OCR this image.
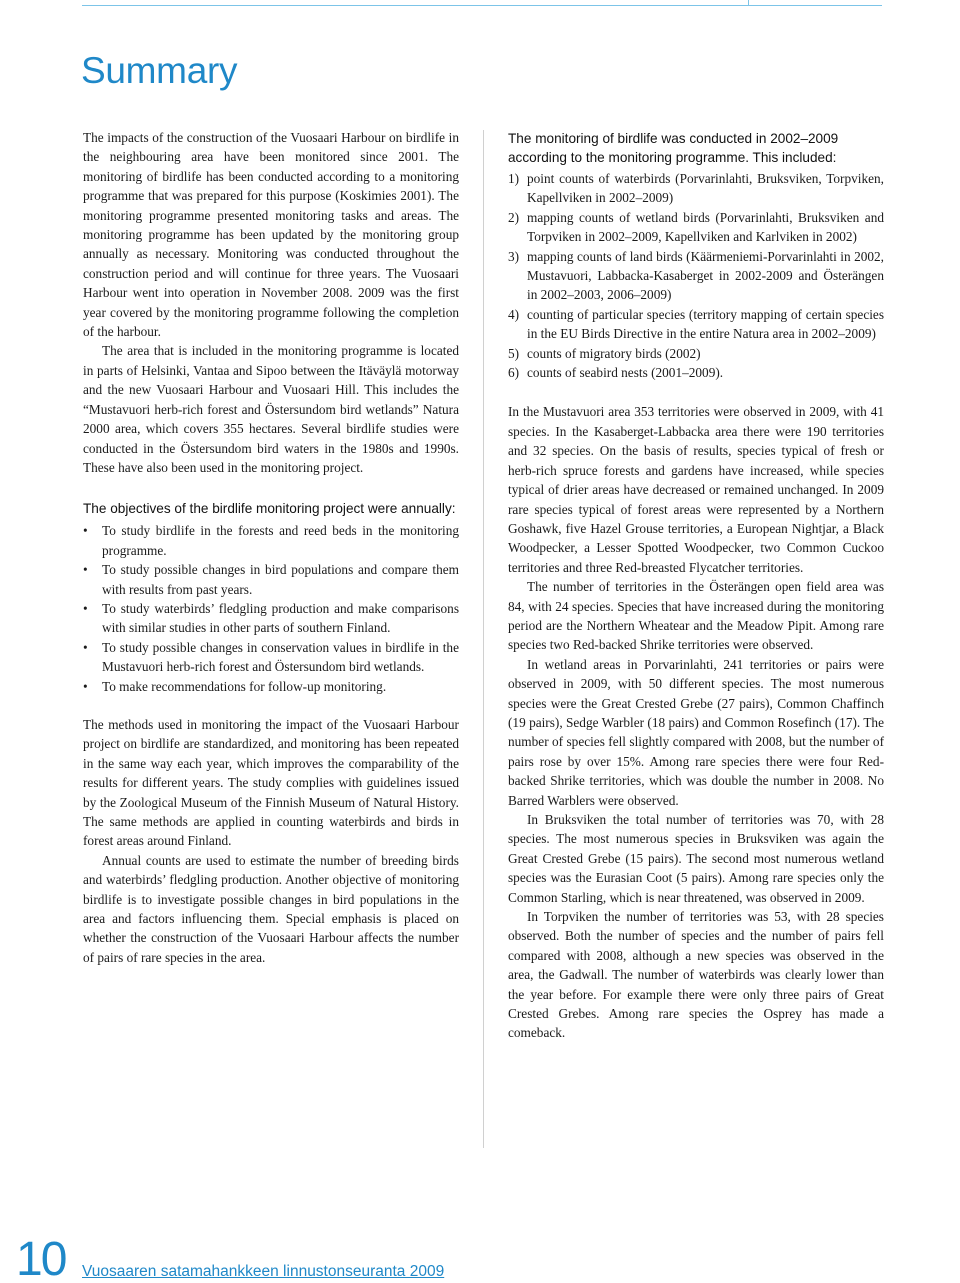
Summary

The impacts of the construction of the Vuosaari Harbour on birdlife in the neighbouring area have been monitored since 2001. The monitoring of birdlife has been conducted according to a monitoring programme that was prepared for this purpose (Koskimies 2001). The monitoring programme presented monitoring tasks and areas. The monitoring programme has been updated by the monitoring group annually as necessary. Monitoring was conducted throughout the construction period and will continue for three years. The Vuosaari Harbour went into operation in November 2008. 2009 was the first year covered by the monitoring programme following the completion of the harbour.

The area that is included in the monitoring programme is located in parts of Helsinki, Vantaa and Sipoo between the Itäväylä motorway and the new Vuosaari Harbour and Vuosaari Hill. This includes the “Mustavuori herb-rich forest and Östersundom bird wetlands” Natura 2000 area, which covers 355 hectares. Several birdlife studies were conducted in the Östersundom bird waters in the 1980s and 1990s. These have also been used in the monitoring project.

The objectives of the birdlife monitoring project were annually:
• To study birdlife in the forests and reed beds in the monitoring programme.
• To study possible changes in bird populations and compare them with results from past years.
• To study waterbirds’ fledgling production and make comparisons with similar studies in other parts of southern Finland.
• To study possible changes in conservation values in birdlife in the Mustavuori herb-rich forest and Östersundom bird wetlands.
• To make recommendations for follow-up monitoring.

The methods used in monitoring the impact of the Vuosaari Harbour project on birdlife are standardized, and monitoring has been repeated in the same way each year, which improves the comparability of the results for different years. The study complies with guidelines issued by the Zoological Museum of the Finnish Museum of Natural History. The same methods are applied in counting waterbirds and birds in forest areas around Finland.

Annual counts are used to estimate the number of breeding birds and waterbirds’ fledgling production. Another objective of monitoring birdlife is to investigate possible changes in bird populations in the area and factors influencing them. Special emphasis is placed on whether the construction of the Vuosaari Harbour affects the number of pairs of rare species in the area.

The monitoring of birdlife was conducted in 2002–2009 according to the monitoring programme. This included:
1) point counts of waterbirds (Porvarinlahti, Bruksviken, Torpviken, Kapellviken in 2002–2009)
2) mapping counts of wetland birds (Porvarinlahti, Bruksviken and Torpviken in 2002–2009, Kapellviken and Karlviken in 2002)
3) mapping counts of land birds (Käärmeniemi-Porvarinlahti in 2002, Mustavuori, Labbacka-Kasaberget in 2002-2009 and Österängen in 2002–2003, 2006–2009)
4) counting of particular species (territory mapping of certain species in the EU Birds Directive in the entire Natura area in 2002–2009)
5) counts of migratory birds (2002)
6) counts of seabird nests (2001–2009).

In the Mustavuori area 353 territories were observed in 2009, with 41 species. In the Kasaberget-Labbacka area there were 190 territories and 32 species. On the basis of results, species typical of fresh or herb-rich spruce forests and gardens have increased, while species typical of drier areas have decreased or remained unchanged. In 2009 rare species typical of forest areas were represented by a Northern Goshawk, five Hazel Grouse territories, a European Nightjar, a Black Woodpecker, a Lesser Spotted Woodpecker, two Common Cuckoo territories and three Red-breasted Flycatcher territories.

The number of territories in the Österängen open field area was 84, with 24 species. Species that have increased during the monitoring period are the Northern Wheatear and the Meadow Pipit. Among rare species two Red-backed Shrike territories were observed.

In wetland areas in Porvarinlahti, 241 territories or pairs were observed in 2009, with 50 different species. The most numerous species were the Great Crested Grebe (27 pairs), Common Chaffinch (19 pairs), Sedge Warbler (18 pairs) and Common Rosefinch (17). The number of species fell slightly compared with 2008, but the number of pairs rose by over 15%. Among rare species there were four Red-backed Shrike territories, which was double the number in 2008. No Barred Warblers were observed.

In Bruksviken the total number of territories was 70, with 28 species. The most numerous species in Bruksviken was again the Great Crested Grebe (15 pairs). The second most numerous wetland species was the Eurasian Coot (5 pairs). Among rare species only the Common Starling, which is near threatened, was observed in 2009.

In Torpviken the number of territories was 53, with 28 species observed. Both the number of species and the number of pairs fell compared with 2008, although a new species was observed in the area, the Gadwall. The number of waterbirds was clearly lower than the year before. For example there were only three pairs of Great Crested Grebes. Among rare species the Osprey has made a comeback.

10 Vuosaaren satamahankkeen linnustonseuranta 2009
